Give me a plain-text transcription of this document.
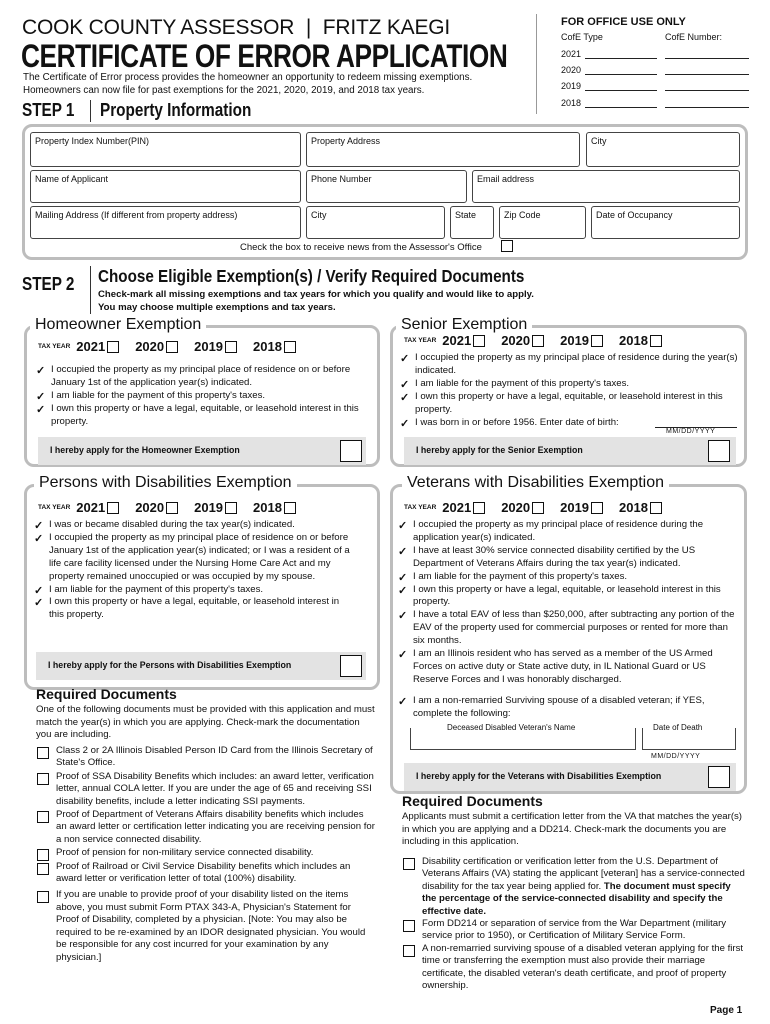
COOK COUNTY ASSESSOR | FRITZ KAEGI
CERTIFICATE OF ERROR APPLICATION
The Certificate of Error process provides the homeowner an opportunity to redeem missing exemptions.
Homeowners can now file for past exemptions for the 2021, 2020, 2019, and 2018 tax years.
FOR OFFICE USE ONLY
CofE Type	CofE Number:
2021
2020
2019
2018
STEP 1 Property Information
Property Index Number(PIN)	Property Address	City
Name of Applicant	Phone Number	Email address
Mailing Address (If different from property address)	City	State	Zip Code	Date of Occupancy
Check the box to receive news from the Assessor's Office
STEP 2 Choose Eligible Exemption(s) / Verify Required Documents
Check-mark all missing exemptions and tax years for which you qualify and would like to apply.
You may choose multiple exemptions and tax years.
Homeowner Exemption
TAX YEAR 2021 2020 2019 2018
✓ I occupied the property as my principal place of residence on or before January 1st of the application year(s) indicated.
✓ I am liable for the payment of this property's taxes.
✓ I own this property or have a legal, equitable, or leasehold interest in this property.
I hereby apply for the Homeowner Exemption
Senior Exemption
TAX YEAR 2021 2020 2019 2018
✓ I occupied the property as my principal place of residence during the year(s) indicated.
✓ I am liable for the payment of this property's taxes.
✓ I own this property or have a legal, equitable, or leasehold interest in this property.
✓ I was born in or before 1956. Enter date of birth:
MM/DD/YYYY
I hereby apply for the Senior Exemption
Persons with Disabilities Exemption
TAX YEAR 2021 2020 2019 2018
✓ I was or became disabled during the tax year(s) indicated.
✓ I occupied the property as my principal place of residence on or before January 1st of the application year(s) indicated; or I was a resident of a life care facility licensed under the Nursing Home Care Act and my property remained unoccupied or was occupied by my spouse.
✓ I am liable for the payment of this property's taxes.
✓ I own this property or have a legal, equitable, or leasehold interest in this property.
I hereby apply for the Persons with Disabilities Exemption
Required Documents
One of the following documents must be provided with this application and must match the year(s) in which you are applying. Check-mark the documentation you are including.
Class 2 or 2A Illinois Disabled Person ID Card from the Illinois Secretary of State's Office.
Proof of SSA Disability Benefits which includes: an award letter, verification letter, annual COLA letter. If you are under the age of 65 and receiving SSI disability benefits, include a letter indicating SSI payments.
Proof of Department of Veterans Affairs disability benefits which includes an award letter or certification letter indicating you are receiving pension for a non service connected disability.
Proof of pension for non-military service connected disability.
Proof of Railroad or Civil Service Disability benefits which includes an award letter or verification letter of total (100%) disability.
If you are unable to provide proof of your disability listed on the items above, you must submit Form PTAX 343-A, Physician's Statement for Proof of Disability, completed by a physician. [Note: You may also be required to be re-examined by an IDOR designated physician. You would be responsible for any cost incurred for your examination by any physician.]
Veterans with Disabilities Exemption
TAX YEAR 2021 2020 2019 2018
✓ I occupied the property as my principal place of residence during the application year(s) indicated.
✓ I have at least 30% service connected disability certified by the US Department of Veterans Affairs during the tax year(s) indicated.
✓ I am liable for the payment of this property's taxes.
✓ I own this property or have a legal, equitable, or leasehold interest in this property.
✓ I have a total EAV of less than $250,000, after subtracting any portion of the EAV of the property used for commercial purposes or rented for more than six months.
✓ I am an Illinois resident who has served as a member of the US Armed Forces on active duty or State active duty, in IL National Guard or US Reserve Forces and I was honorably discharged.
✓ I am a non-remarried Surviving spouse of a disabled veteran; if YES, complete the following:
Deceased Disabled Veteran's Name	Date of Death
MM/DD/YYYY
I hereby apply for the Veterans with Disabilities Exemption
Required Documents
Applicants must submit a certification letter from the VA that matches the year(s) in which you are applying and a DD214. Check-mark the documents you are including in this application.
Disability certification or verification letter from the U.S. Department of Veterans Affairs (VA) stating the applicant [veteran] has a service-connected disability for the tax year being applied for. The document must specify the percentage of the service-connected disability and specify the effective date.
Form DD214 or separation of service from the War Department (military service prior to 1950), or Certification of Military Service Form.
A non-remarried surviving spouse of a disabled veteran applying for the first time or transferring the exemption must also provide their marriage certificate, the disabled veteran's death certificate, and proof of property ownership.
Page 1
